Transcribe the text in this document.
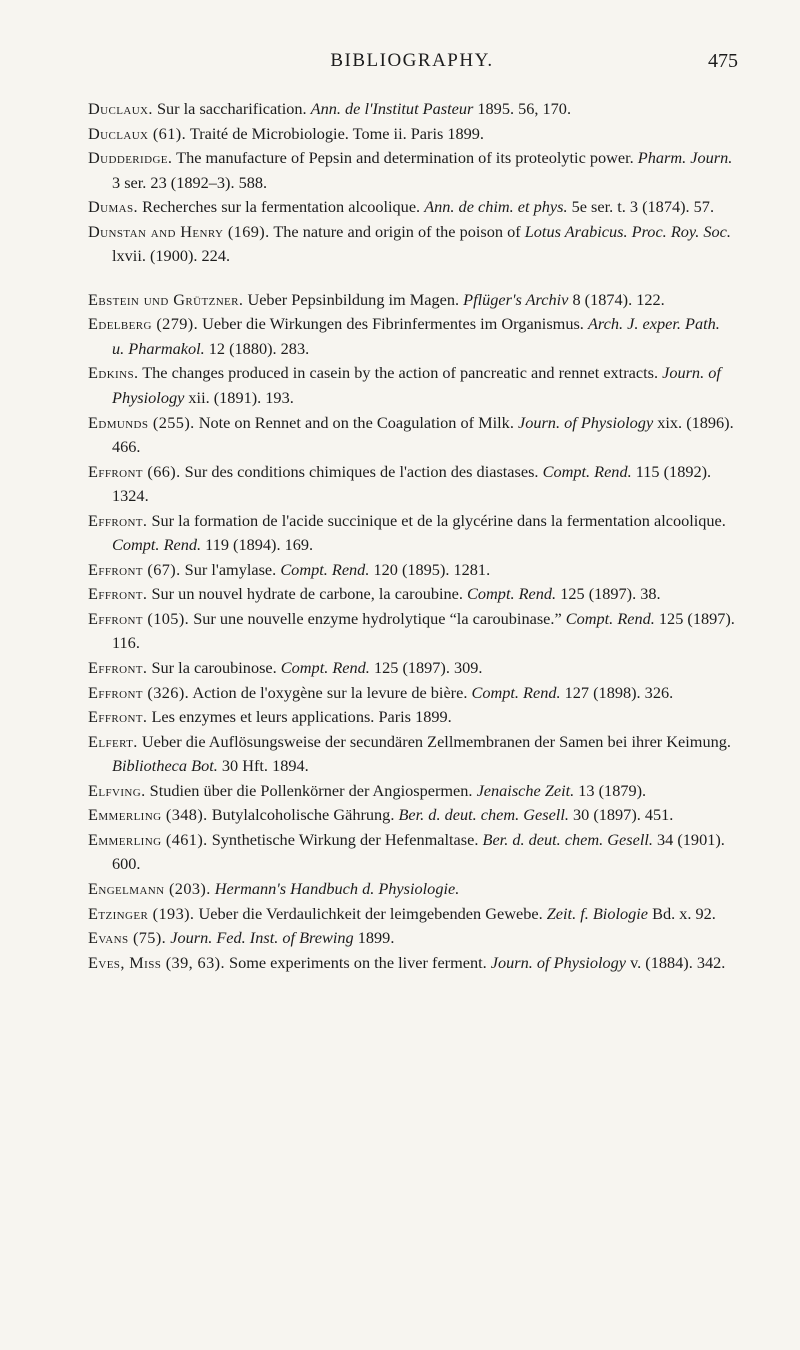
BIBLIOGRAPHY.	475
Duclaux. Sur la saccharification. Ann. de l'Institut Pasteur 1895. 56, 170.
Duclaux (61). Traité de Microbiologie. Tome ii. Paris 1899.
Dudderidge. The manufacture of Pepsin and determination of its proteolytic power. Pharm. Journ. 3 ser. 23 (1892–3). 588.
Dumas. Recherches sur la fermentation alcoolique. Ann. de chim. et phys. 5e ser. t. 3 (1874). 57.
Dunstan and Henry (169). The nature and origin of the poison of Lotus Arabicus. Proc. Roy. Soc. lxvii. (1900). 224.
Ebstein und Grützner. Ueber Pepsinbildung im Magen. Pflüger's Archiv 8 (1874). 122.
Edelberg (279). Ueber die Wirkungen des Fibrinfermentes im Organismus. Arch. J. exper. Path. u. Pharmakol. 12 (1880). 283.
Edkins. The changes produced in casein by the action of pancreatic and rennet extracts. Journ. of Physiology xii. (1891). 193.
Edmunds (255). Note on Rennet and on the Coagulation of Milk. Journ. of Physiology xix. (1896). 466.
Effront (66). Sur des conditions chimiques de l'action des diastases. Compt. Rend. 115 (1892). 1324.
Effront. Sur la formation de l'acide succinique et de la glycérine dans la fermentation alcoolique. Compt. Rend. 119 (1894). 169.
Effront (67). Sur l'amylase. Compt. Rend. 120 (1895). 1281.
Effront. Sur un nouvel hydrate de carbone, la caroubine. Compt. Rend. 125 (1897). 38.
Effront (105). Sur une nouvelle enzyme hydrolytique “la caroubinase.” Compt. Rend. 125 (1897). 116.
Effront. Sur la caroubinose. Compt. Rend. 125 (1897). 309.
Effront (326). Action de l'oxygène sur la levure de bière. Compt. Rend. 127 (1898). 326.
Effront. Les enzymes et leurs applications. Paris 1899.
Elfert. Ueber die Auflösungsweise der secundären Zellmembranen der Samen bei ihrer Keimung. Bibliotheca Bot. 30 Hft. 1894.
Elfving. Studien über die Pollenkörner der Angiospermen. Jenaische Zeit. 13 (1879).
Emmerling (348). Butylalcoholische Gährung. Ber. d. deut. chem. Gesell. 30 (1897). 451.
Emmerling (461). Synthetische Wirkung der Hefenmaltase. Ber. d. deut. chem. Gesell. 34 (1901). 600.
Engelmann (203). Hermann's Handbuch d. Physiologie.
Etzinger (193). Ueber die Verdaulichkeit der leimgebenden Gewebe. Zeit. f. Biologie Bd. x. 92.
Evans (75). Journ. Fed. Inst. of Brewing 1899.
Eves, Miss (39, 63). Some experiments on the liver ferment. Journ. of Physiology v. (1884). 342.
